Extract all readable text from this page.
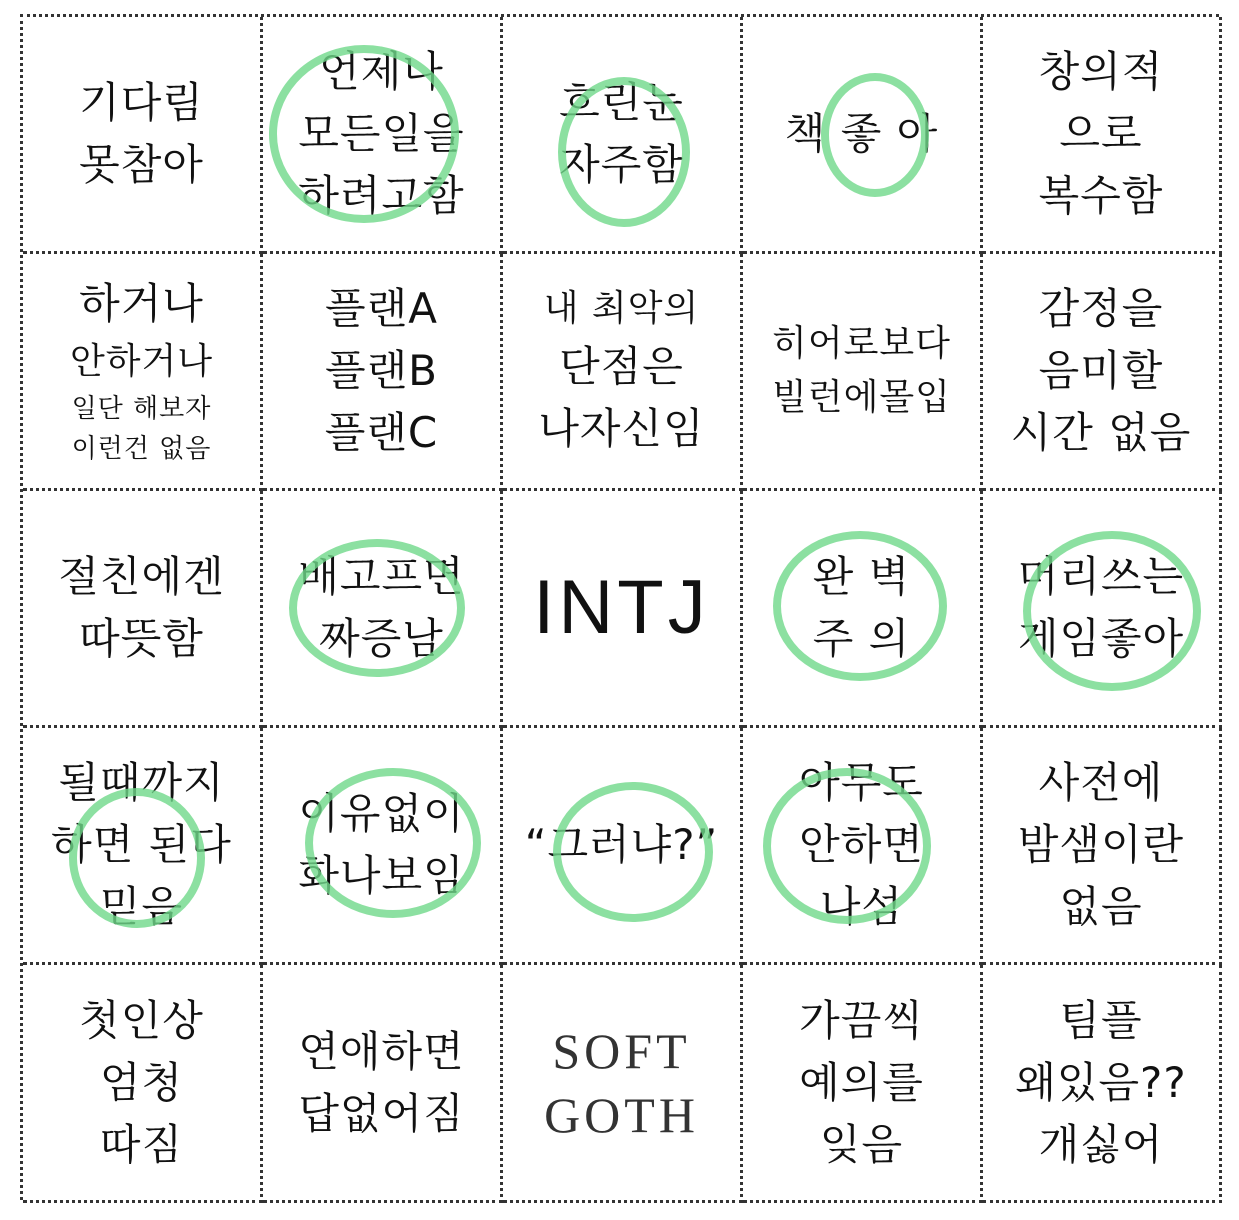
기다림
못참아
언제나
모든일을
하려고함
흐린눈
자주함
책 좋 아
창의적
으로
복수함
하거나
안하거나
일단 해보자
이런건 없음
플랜A
플랜B
플랜C
내 최악의
단점은
나자신임
히어로보다
빌런에몰입
감정을
음미할
시간 없음
절친에겐
따뜻함
배고프면
짜증남 INTJ 완 벽
주 의
머리쓰는
게임좋아
될때까지
하면 된다
믿음
이유없이
화나보임
“그러냐?”
아무도
안하면
나섬
사전에
밤샘이란
없음
첫인상
엄청
따짐
연애하면
답없어짐
SOFT
GOTH
가끔씩
예의를
잊음
팀플
왜있음??
개싫어
